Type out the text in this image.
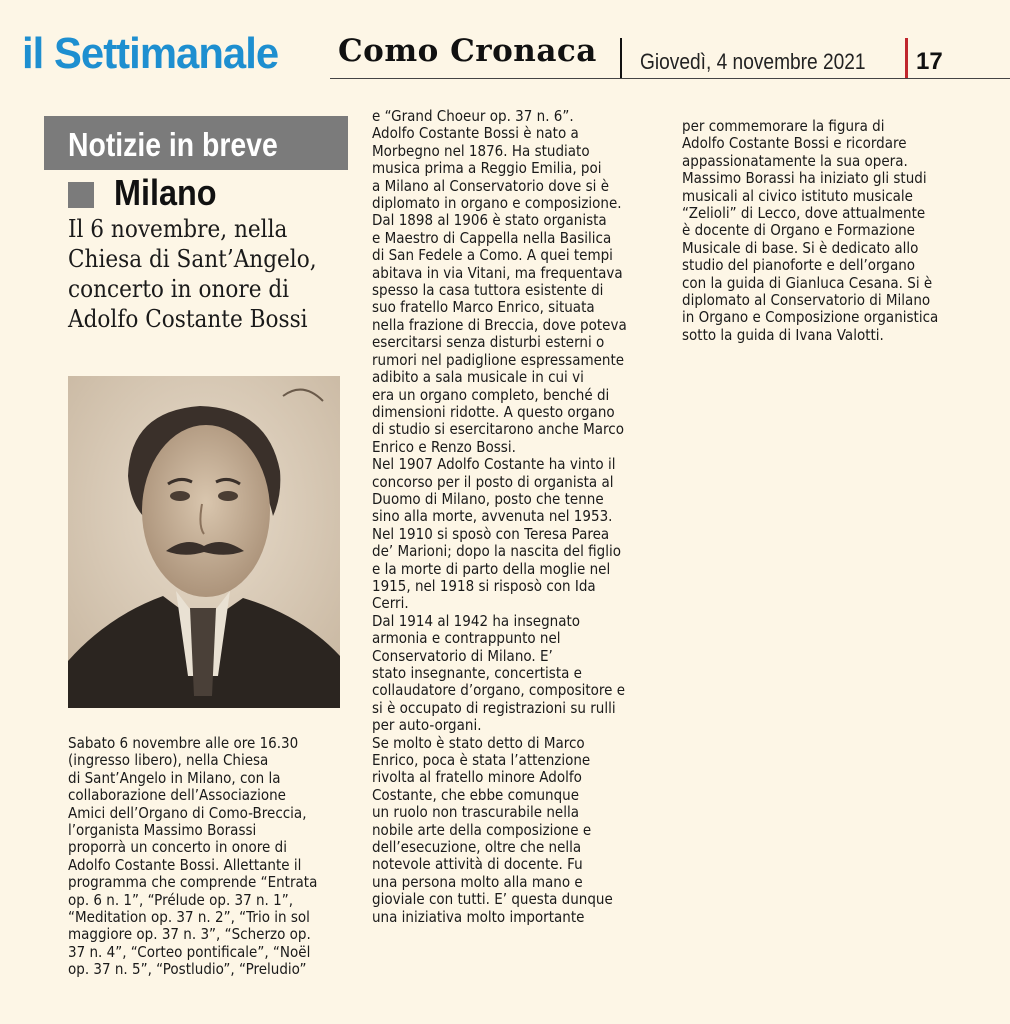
il Settimanale Como Cronaca Giovedì, 4 novembre 2021 17
Notizie in breve
Milano
Il 6 novembre, nella
Chiesa di Sant’Angelo,
concerto in onore di
Adolfo Costante Bossi
Sabato 6 novembre alle ore 16.30
(ingresso libero), nella Chiesa
di Sant’Angelo in Milano, con la
collaborazione dell’Associazione
Amici dell’Organo di Como-Breccia,
l’organista Massimo Borassi
proporrà un concerto in onore di
Adolfo Costante Bossi. Allettante il
programma che comprende “Entrata
op. 6 n. 1”, “Prélude op. 37 n. 1”,
“Meditation op. 37 n. 2”, “Trio in sol
maggiore op. 37 n. 3”, “Scherzo op.
37 n. 4”, “Corteo pontificale”, “Noël
op. 37 n. 5”, “Postludio”, “Preludio”
e “Grand Choeur op. 37 n. 6”.
Adolfo Costante Bossi è nato a
Morbegno nel 1876. Ha studiato
musica prima a Reggio Emilia, poi
a Milano al Conservatorio dove si è
diplomato in organo e composizione.
Dal 1898 al 1906 è stato organista
e Maestro di Cappella nella Basilica
di San Fedele a Como. A quei tempi
abitava in via Vitani, ma frequentava
spesso la casa tuttora esistente di
suo fratello Marco Enrico, situata
nella frazione di Breccia, dove poteva
esercitarsi senza disturbi esterni o
rumori nel padiglione espressamente
adibito a sala musicale in cui vi
era un organo completo, benché di
dimensioni ridotte. A questo organo
di studio si esercitarono anche Marco
Enrico e Renzo Bossi.
Nel 1907 Adolfo Costante ha vinto il
concorso per il posto di organista al
Duomo di Milano, posto che tenne
sino alla morte, avvenuta nel 1953.
Nel 1910 si sposò con Teresa Parea
de’ Marioni; dopo la nascita del figlio
e la morte di parto della moglie nel
1915, nel 1918 si risposò con Ida
Cerri.
Dal 1914 al 1942 ha insegnato
armonia e contrappunto nel
Conservatorio di Milano. E’
stato insegnante, concertista e
collaudatore d’organo, compositore e
si è occupato di registrazioni su rulli
per auto-organi.
Se molto è stato detto di Marco
Enrico, poca è stata l’attenzione
rivolta al fratello minore Adolfo
Costante, che ebbe comunque
un ruolo non trascurabile nella
nobile arte della composizione e
dell’esecuzione, oltre che nella
notevole attività di docente. Fu
una persona molto alla mano e
gioviale con tutti. E’ questa dunque
una iniziativa molto importante
per commemorare la figura di
Adolfo Costante Bossi e ricordare
appassionatamente la sua opera.
Massimo Borassi ha iniziato gli studi
musicali al civico istituto musicale
“Zelioli” di Lecco, dove attualmente
è docente di Organo e Formazione
Musicale di base. Si è dedicato allo
studio del pianoforte e dell’organo
con la guida di Gianluca Cesana. Si è
diplomato al Conservatorio di Milano
in Organo e Composizione organistica
sotto la guida di Ivana Valotti.
